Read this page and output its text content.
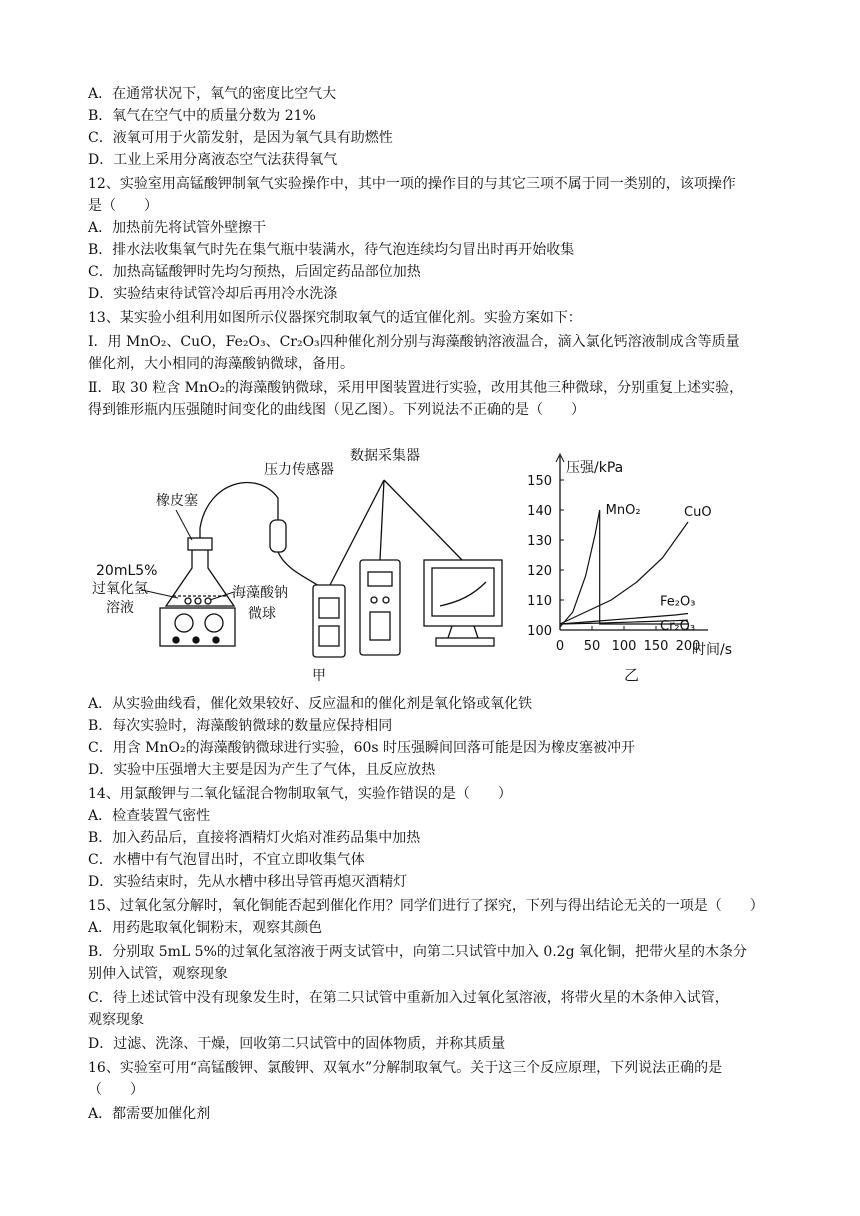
A．在通常状况下，氧气的密度比空气大
B．氧气在空气中的质量分数为 21%
C．液氧可用于火箭发射，是因为氧气具有助燃性
D．工业上采用分离液态空气法获得氧气
12、实验室用高锰酸钾制氧气实验操作中，其中一项的操作目的与其它三项不属于同一类别的，该项操作
是（　　）
A．加热前先将试管外壁擦干
B．排水法收集氧气时先在集气瓶中装满水，待气泡连续均匀冒出时再开始收集
C．加热高锰酸钾时先均匀预热，后固定药品部位加热
D．实验结束待试管冷却后再用冷水洗涤
13、某实验小组利用如图所示仪器探究制取氧气的适宜催化剂。实验方案如下：
Ⅰ．用 MnO₂、CuO，Fe₂O₃、Cr₂O₃四种催化剂分别与海藻酸钠溶液温合，滴入氯化钙溶液制成含等质量
催化剂，大小相同的海藻酸钠微球，备用。
Ⅱ．取 30 粒含 MnO₂的海藻酸钠微球，采用甲图装置进行实验，改用其他三种微球，分别重复上述实验，
得到锥形瓶内压强随时间变化的曲线图（见乙图）。下列说法不正确的是（　　）
A．从实验曲线看，催化效果较好、反应温和的催化剂是氧化铬或氧化铁
B．每次实验时，海藻酸钠微球的数量应保持相同
C．用含 MnO₂的海藻酸钠微球进行实验，60s 时压强瞬间回落可能是因为橡皮塞被冲开
D．实验中压强增大主要是因为产生了气体，且反应放热
14、用氯酸钾与二氧化锰混合物制取氧气，实验作错误的是（　　）
A．检查装置气密性
B．加入药品后，直接将酒精灯火焰对准药品集中加热
C．水槽中有气泡冒出时，不宜立即收集气体
D．实验结束时，先从水槽中移出导管再熄灭酒精灯
15、过氧化氢分解时，氧化铜能否起到催化作用？同学们进行了探究，下列与得出结论无关的一项是（　　）
A．用药匙取氧化铜粉末，观察其颜色
B．分别取 5mL 5%的过氧化氢溶液于两支试管中，向第二只试管中加入 0.2g 氧化铜，把带火星的木条分
别伸入试管，观察现象
C．待上述试管中没有现象发生时，在第二只试管中重新加入过氧化氢溶液，将带火星的木条伸入试管，
观察现象
D．过滤、洗涤、干燥，回收第二只试管中的固体物质，并称其质量
16、实验室可用“高锰酸钾、氯酸钾、双氧水”分解制取氧气。关于这三个反应原理，下列说法正确的是
（　　）
A．都需要加催化剂
橡皮塞
压力传感器
数据采集器
20mL5%
过氧化氢
溶液
海藻酸钠
微球
甲
100
110
120
130
140
150
0 50 100 150 200
压强/kPa
时间/s
MnO₂	CuO
Fe₂O₃
Cr₂O₃
乙
